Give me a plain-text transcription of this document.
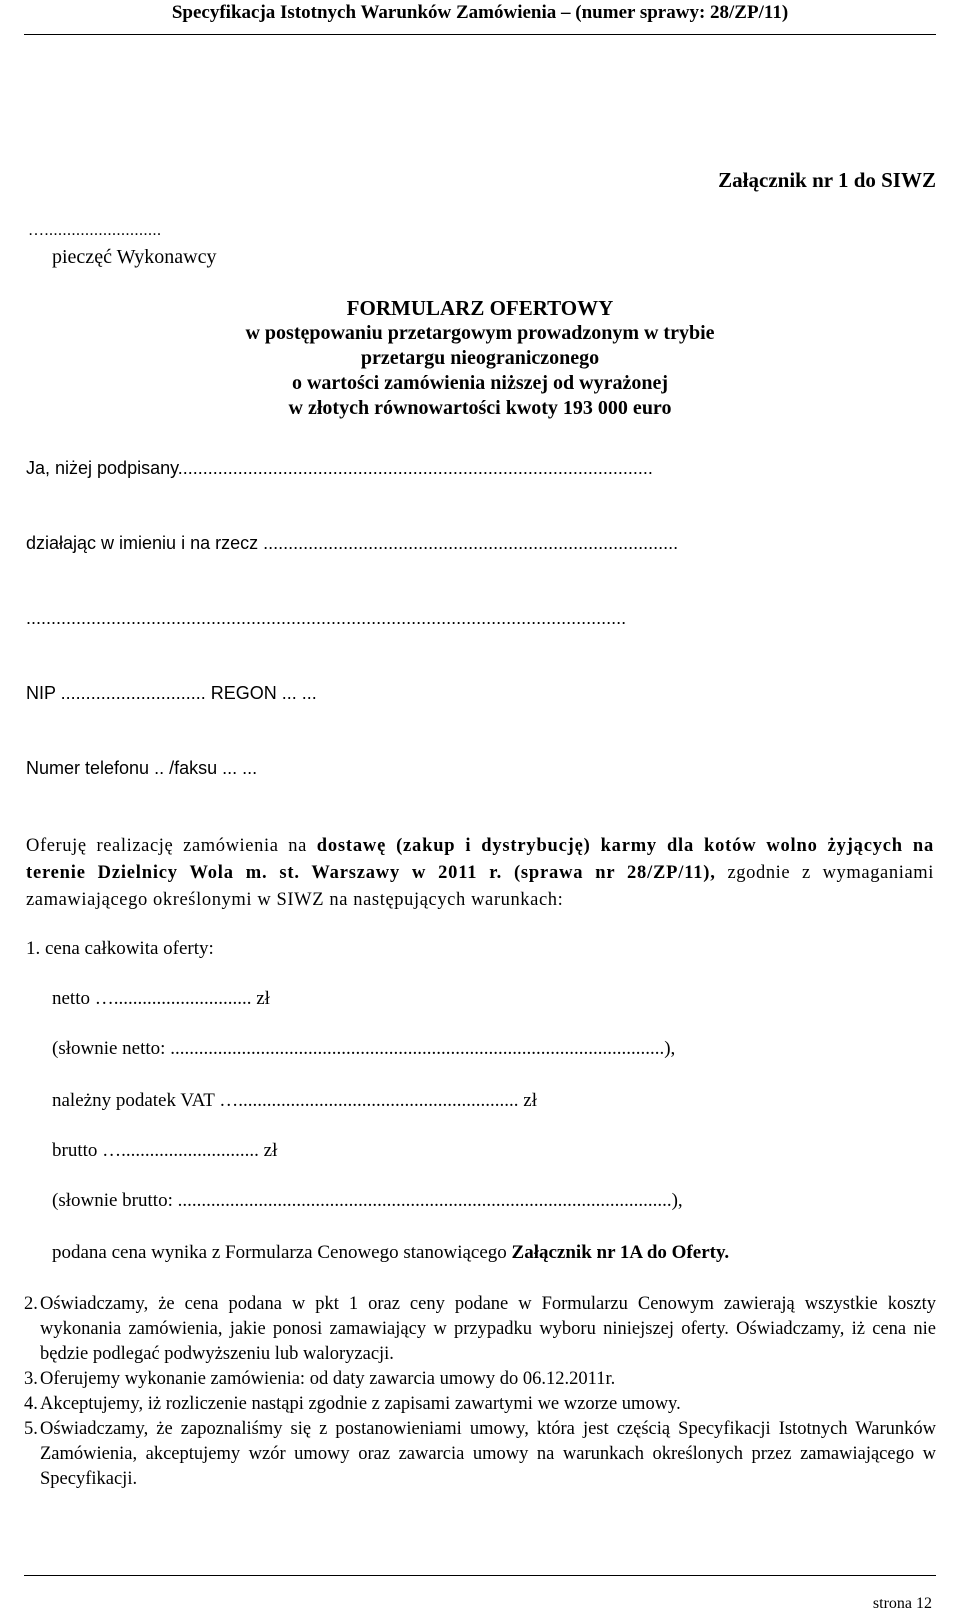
Specyfikacja Istotnych Warunków Zamówienia – (numer sprawy: 28/ZP/11)
Załącznik nr 1 do SIWZ
…..........................
pieczęć Wykonawcy
FORMULARZ OFERTOWY
w postępowaniu przetargowym prowadzonym w trybie
przetargu nieograniczonego
o wartości zamówienia niższej od wyrażonej
w złotych równowartości kwoty 193 000 euro
Ja, niżej podpisany...............................................................................................
działając w imieniu i na rzecz ...................................................................................
........................................................................................................................
NIP ............................. REGON ... ...
Numer telefonu .. /faksu ... ...
Oferuję realizację zamówienia na dostawę (zakup i dystrybucję) karmy dla kotów wolno żyjących na terenie Dzielnicy Wola m. st. Warszawy w 2011 r. (sprawa nr 28/ZP/11), zgodnie z wymaganiami zamawiającego określonymi w SIWZ na następujących warunkach:
1. cena całkowita oferty:
netto …............................. zł
(słownie netto: ........................................................................................................),
należny podatek VAT …........................................................... zł
brutto …............................. zł
(słownie brutto: ........................................................................................................),
podana cena wynika z Formularza Cenowego stanowiącego Załącznik nr 1A do Oferty.
2. Oświadczamy, że cena podana w pkt 1 oraz ceny podane w Formularzu Cenowym zawierają wszystkie koszty wykonania zamówienia, jakie ponosi zamawiający w przypadku wyboru niniejszej oferty. Oświadczamy, iż cena nie będzie podlegać podwyższeniu lub waloryzacji.
3. Oferujemy wykonanie zamówienia: od daty zawarcia umowy do 06.12.2011r.
4. Akceptujemy, iż rozliczenie nastąpi zgodnie z zapisami zawartymi we wzorze umowy.
5. Oświadczamy, że zapoznaliśmy się z postanowieniami umowy, która jest częścią Specyfikacji Istotnych Warunków Zamówienia, akceptujemy wzór umowy oraz zawarcia umowy na warunkach określonych przez zamawiającego w Specyfikacji.
strona 12
